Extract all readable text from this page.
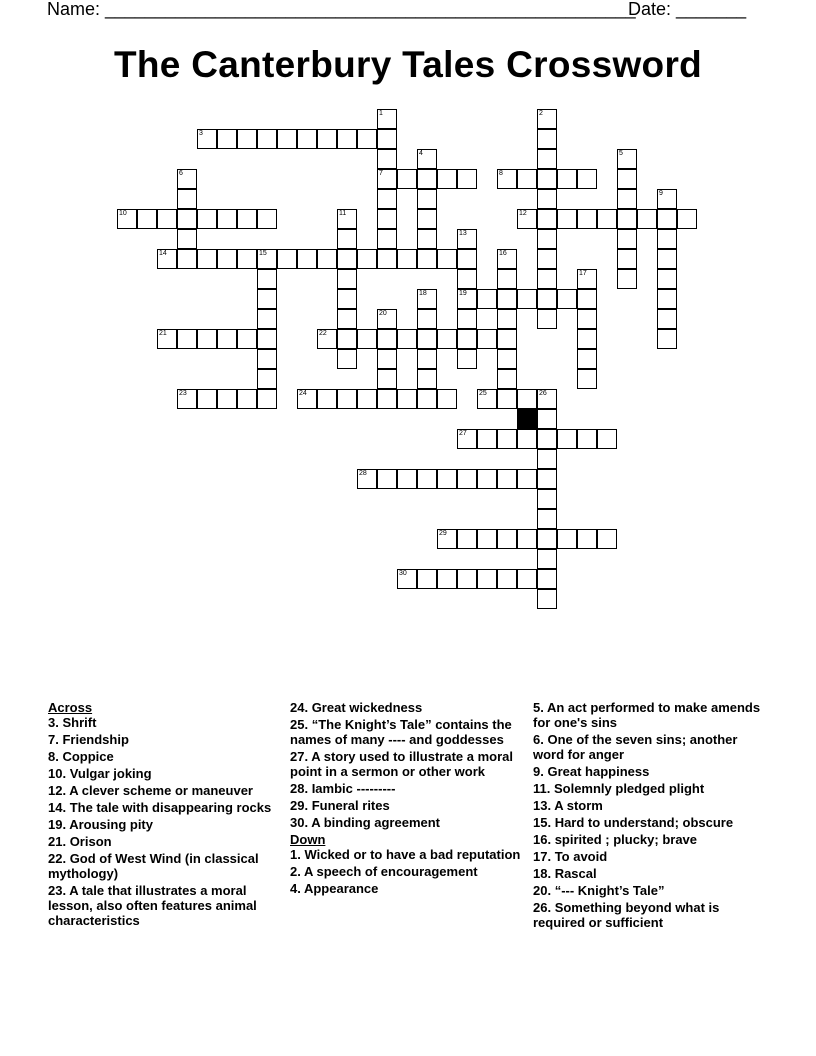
Name: _____________________________________________________
Date: _______
The Canterbury Tales Crossword
3
7	8
10	12
14	15
19
21	22
23	24	25	26
27
28
29
30
1	2
4	5
6
9
11
13
16
17
18
20

Across

3. Shrift

7. Friendship

8. Coppice

10. Vulgar joking

12. A clever scheme or maneuver

14. The tale with disappearing rocks

19. Arousing pity

21. Orison

22. God of West Wind (in classical mythology)

23. A tale that illustrates a moral lesson, also often features animal characteristics

24. Great wickedness

25. “The Knight’s Tale” contains the names of many ---- and goddesses

27. A story used to illustrate a moral point in a sermon or other work

28. Iambic ---------

29. Funeral rites

30. A binding agreement

Down

1. Wicked or to have a bad reputation

2. A speech of encouragement

4. Appearance

5. An act performed to make amends for one's sins

6. One of the seven sins; another word for anger

9. Great happiness

11. Solemnly pledged plight

13. A storm

15. Hard to understand; obscure

16. spirited ; plucky; brave

17. To avoid

18. Rascal

20. “--- Knight’s Tale”

26. Something beyond what is required or sufficient
